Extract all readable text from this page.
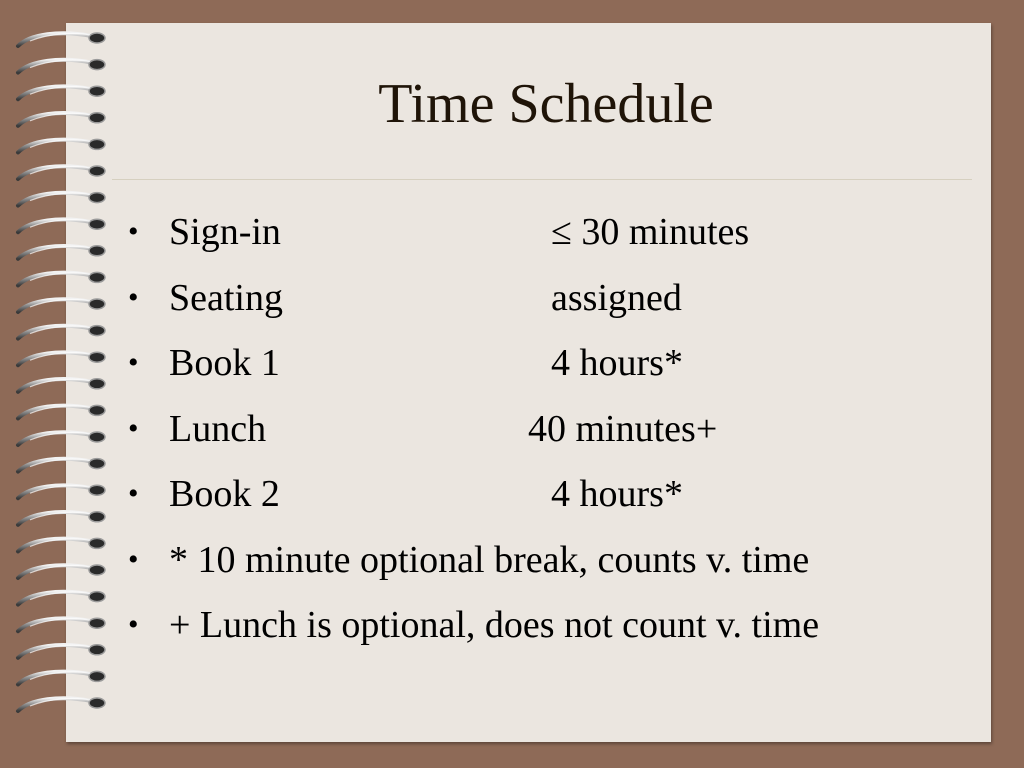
Time Schedule
• Sign-in	≤ 30 minutes
• Seating	assigned
• Book 1	4 hours*
• Lunch	40 minutes+
• Book 2	4 hours*
• * 10 minute optional break, counts v. time
• + Lunch is optional, does not count v. time
